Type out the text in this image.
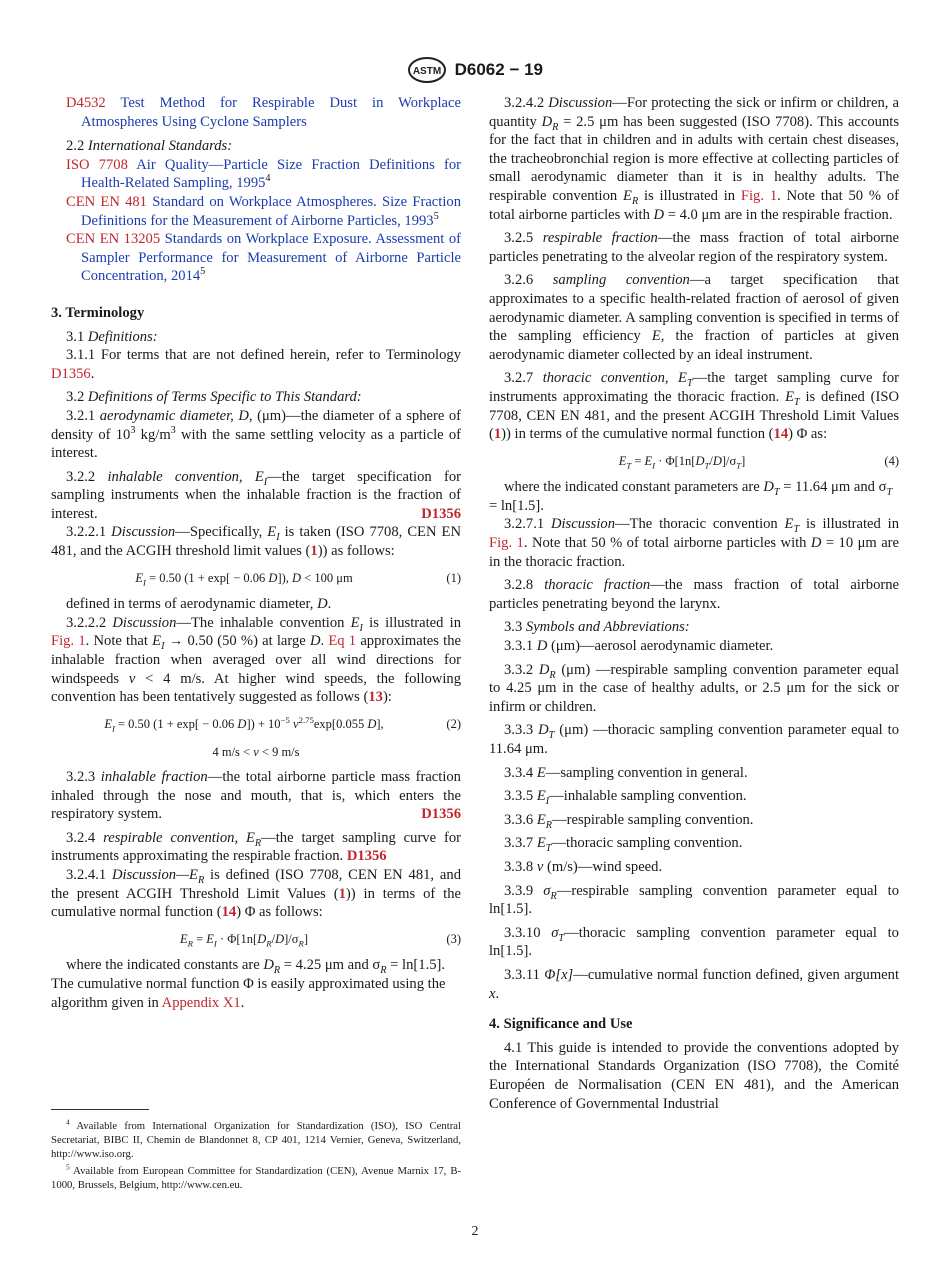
ASTM D6062 − 19

D4532 Test Method for Respirable Dust in Workplace Atmospheres Using Cyclone Samplers

2.2 International Standards:

ISO 7708 Air Quality—Particle Size Fraction Definitions for Health-Related Sampling, 1995$^4$

CEN EN 481 Standard on Workplace Atmospheres. Size Fraction Definitions for the Measurement of Airborne Particles, 1993$^5$

CEN EN 13205 Standards on Workplace Exposure. Assessment of Sampler Performance for Measurement of Airborne Particle Concentration, 2014$^5$

3. Terminology

3.1 Definitions:

3.1.1 For terms that are not defined herein, refer to Terminology D1356.

3.2 Definitions of Terms Specific to This Standard:

3.2.1 aerodynamic diameter, D, (μm)—the diameter of a sphere of density of $10^3$ $kg/m^3$ with the same settling velocity as a particle of interest.

3.2.2 inhalable convention, $E_I—the$ target specification for sampling instruments when the inhalable fraction is the fraction of interest.	D1356

3.2.2.1 Discussion—Specifically, $E_I$ is taken (ISO 7708, CEN EN 481, and the ACGIH threshold limit values (1)) as follows:

$E_I = 0.50$ (1 + exp[ − 0.06 D]), D < 100 μm	(1)

defined in terms of aerodynamic diameter, D.

3.2.2.2 Discussion—The inhalable convention $E_I$ is illustrated in Fig. 1. Note that $E_I \to 0.50$ (50 %) at large D. Eq 1 approximates the inhalable fraction when averaged over all wind directions for windspeeds v < 4 m/s. At higher wind speeds, the following convention has been tentatively suggested as follows (13):

$E_I = 0.50$ (1 + exp[ − 0.06 $D]) + 10^{-5}$ $v^{2.75}\exp[0.055$ D],	(2)
4 m/s < v < 9 m/s

3.2.3 inhalable fraction—the total airborne particle mass fraction inhaled through the nose and mouth, that is, which enters the respiratory system.	D1356

3.2.4 respirable convention, $E_R—the$ target sampling curve for instruments approximating the respirable fraction. D1356

3.2.4.1 $Discussion—E_R$ is defined (ISO 7708, CEN EN 481, and the present ACGIH Threshold Limit Values (1)) in terms of the cumulative normal function (14) Φ as follows:

$E_R = E_I \cdot \Phi[1n[D_R/D]/\sigma_R]$	(3)

where the indicated constants are $D_R = 4.25$ μm and $\sigma_R = \ln[1.5]$. The cumulative normal function Φ is easily approximated using the algorithm given in Appendix X1.

3.2.4.2 Discussion—For protecting the sick or infirm or children, a quantity $D_R = 2.5$ μm has been suggested (ISO 7708). This accounts for the fact that in children and in adults with certain chest diseases, the tracheobronchial region is more effective at collecting particles of small aerodynamic diameter than it is in healthy adults. The respirable convention $E_R$ is illustrated in Fig. 1. Note that 50 % of total airborne particles with D = 4.0 μm are in the respirable fraction.

3.2.5 respirable fraction—the mass fraction of total airborne particles penetrating to the alveolar region of the respiratory system.

3.2.6 sampling convention—a target specification that approximates to a specific health-related fraction of aerosol of given aerodynamic diameter. A sampling convention is specified in terms of the sampling efficiency E, the fraction of particles at given aerodynamic diameter collected by an ideal instrument.

3.2.7 thoracic convention, $E_T—the$ target sampling curve for instruments approximating the thoracic fraction. $E_T$ is defined (ISO 7708, CEN EN 481, and the present ACGIH Threshold Limit Values (1)) in terms of the cumulative normal function (14) Φ as:

$E_T = E_I \cdot \Phi[1n[D_T/D]/\sigma_T]$	(4)

where the indicated constant parameters are $D_T = 11.64$ μm and $\sigma_T = \ln[1.5]$.

3.2.7.1 Discussion—The thoracic convention $E_T$ is illustrated in Fig. 1. Note that 50 % of total airborne particles with D = 10 μm are in the thoracic fraction.

3.2.8 thoracic fraction—the mass fraction of total airborne particles penetrating beyond the larynx.

3.3 Symbols and Abbreviations:

3.3.1 D (μm)—aerosol aerodynamic diameter.

3.3.2 $D_R$ (μm) —respirable sampling convention parameter equal to 4.25 μm in the case of healthy adults, or 2.5 μm for the sick or infirm or children.

3.3.3 $D_T$ (μm) —thoracic sampling convention parameter equal to 11.64 μm.

3.3.4 E—sampling convention in general.

3.3.5 $E_I—inhalable$ sampling convention.

3.3.6 $E_R—respirable$ sampling convention.

3.3.7 $E_T—thoracic$ sampling convention.

3.3.8 v (m/s)—wind speed.

3.3.9 $\sigma_R—respirable$ sampling convention parameter equal to ln[1.5].

3.3.10 $\sigma_T—thoracic$ sampling convention parameter equal to ln[1.5].

3.3.11 Φ[x]—cumulative normal function defined, given argument x.

4. Significance and Use

4.1 This guide is intended to provide the conventions adopted by the International Standards Organization (ISO 7708), the Comité Européen de Normalisation (CEN EN 481), and the American Conference of Governmental Industrial

$^4$ Available from International Organization for Standardization (ISO), ISO Central Secretariat, BIBC II, Chemin de Blandonnet 8, CP 401, 1214 Vernier, Geneva, Switzerland, http://www.iso.org.
$^5$ Available from European Committee for Standardization (CEN), Avenue Marnix 17, B-1000, Brussels, Belgium, http://www.cen.eu.
2
